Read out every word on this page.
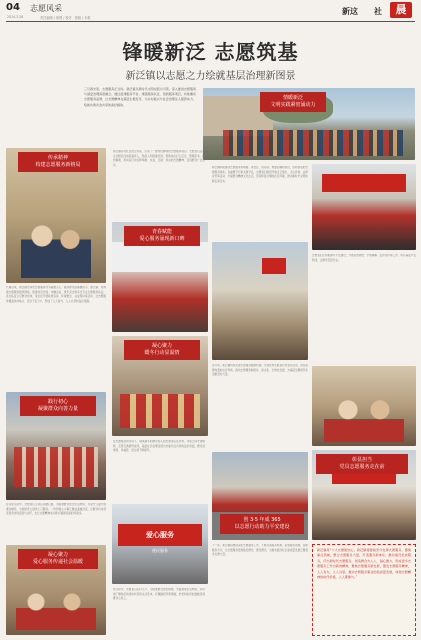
04 志愿风采
2024.3.28	责任编辑 / 徐慧 / 校对 · 排版 / 本报
新这 社	晨
锋暖新泛 志愿筑基
新泛镇以志愿之力绘就基层治理新图景
三月春光里，志愿服务正当时。新泛镇以新时代文明实践为引领，深入推进志愿服务与基层治理深度融合。通过搭建服务平台、建强服务队伍、创新服务项目，持续擦亮志愿服务品牌，让志愿精神在基层生根发芽，为乡村振兴与社会治理注入强劲动力，绘就共建共治共享的美好画卷。
情暖新泛
文明实践紧密涌动力
传承精神
构建志愿服务新格局
长期以来，新泛镇坚持把志愿服务作为凝聚人心、服务群众的重要抓手，建立镇、村两级志愿服务组织网络，组建党员先锋、巾帼关爱、青年突击等多支专业志愿服务队伍。各支队伍立足群众需求，常态化开展政策宣讲、环境整治、关爱帮扶等活动，让志愿服务覆盖田间地头、走进千家万户，形成了人人参与、人人共享的良好氛围。
践行初心
凝聚群众向善力量
在邻里互助中，志愿者们主动认领微心愿，为困难群众送去生活物资，为留守儿童开展课业辅导，为独居老人提供上门服务。一件件暖心小事汇聚成温暖洪流，让群众切实感受到身边的温度与关怀，也让志愿精神成为新泛镇最亮丽的风景线。
凝心聚力
爱心服务传递社会温暖
新泛镇各村社区结合实际，打造了一批特色鲜明的志愿服务项目。志愿者们定期走访辖区内的孤寡老人、残疾人和困难家庭，帮助他们打扫卫生、整理家务、排忧解难，用实际行动诠释奉献、友爱、互助、进步的志愿精神，受到群众广泛好评。
青春赋能
爱心服务涌现新口碑
凝心聚力
暖冬行动显温情
在志愿服务的带动下，越来越多的群众加入到志愿者队伍中来，邻里之间守望相助、互帮互助蔚然成风，基层社会治理呈现出共建共治共享的良好局面，群众获得感、幸福感、安全感不断提升。
爱心服务
便民服务
寒冬时节，志愿者们走村入户，为困难群众送去棉被、米面油等生活物资，并详细了解他们的身体状况和生活需求，叮嘱做好防寒保暖，把党和政府的温暖送到群众心坎上。
新泛镇积极推动志愿服务进网格、进社区、进家庭，构建起横向到边、纵向到底的志愿服务体系。在重要节日和关键节点，志愿者们组织开展文艺演出、义诊咨询、法律宣传等活动，丰富群众精神文化生活，营造和谐文明的社区环境，推动新时代文明实践走深走实。
志愿者们还积极参与平安建设，开展巡逻防控、矛盾调解、反诈宣传等工作，筑牢基层平安防线，让群众安居乐业。
近年来，新泛镇持续完善志愿服务激励机制，开展优秀志愿者评选表彰活动，营造崇德向善的社会风尚，推动志愿服务制度化、常态化、长效化发展，为基层治理现代化贡献坚实力量。
创 3·5 年成 365
以志愿行动助力平安建设
彰显担当
党员志愿服务走在前
下一步，新泛镇将继续深化志愿服务工作，不断完善服务机制，拓展服务领域，创新服务方式，让志愿服务更加贴近群众、惠及群众，为推动经济社会高质量发展汇聚更多志愿力量。
新泛镇是“十大志愿团结心，新泛镇将继续充分发挥志愿服务，聚焦重点领域，整合志愿服务力量，打造服务新体系；推动建设优质服务，打出新时代志愿服务，创造群众为人人，凝心聚力，形成更多志愿服务工作出新的精神，聚焦志愿服务新发展，激发志愿服务精神，人人有为，人人共享，推动志愿服务事业的高质量发展，体现志愿精神的时代价值，人人都参与。”
